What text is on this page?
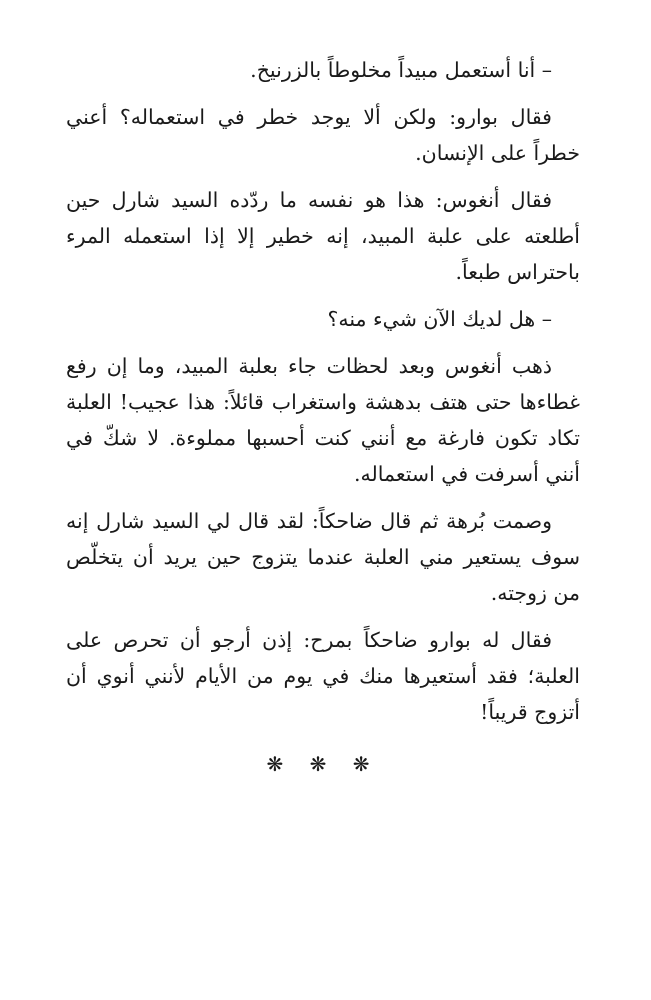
– أنا أستعمل مبيداً مخلوطاً بالزرنيخ.

فقال بوارو: ولكن ألا يوجد خطر في استعماله؟ أعني خطراً على الإنسان.

فقال أنغوس: هذا هو نفسه ما ردّده السيد شارل حين أطلعته على علبة المبيد، إنه خطير إلا إذا استعمله المرء باحتراس طبعاً.

– هل لديك الآن شيء منه؟

ذهب أنغوس وبعد لحظات جاء بعلبة المبيد، وما إن رفع غطاءها حتى هتف بدهشة واستغراب قائلاً: هذا عجيب! العلبة تكاد تكون فارغة مع أنني كنت أحسبها مملوءة. لا شكّ في أنني أسرفت في استعماله.

وصمت بُرهة ثم قال ضاحكاً: لقد قال لي السيد شارل إنه سوف يستعير مني العلبة عندما يتزوج حين يريد أن يتخلّص من زوجته.

فقال له بوارو ضاحكاً بمرح: إذن أرجو أن تحرص على العلبة؛ فقد أستعيرها منك في يوم من الأيام لأنني أنوي أن أتزوج قريباً!

❋ ❋ ❋
